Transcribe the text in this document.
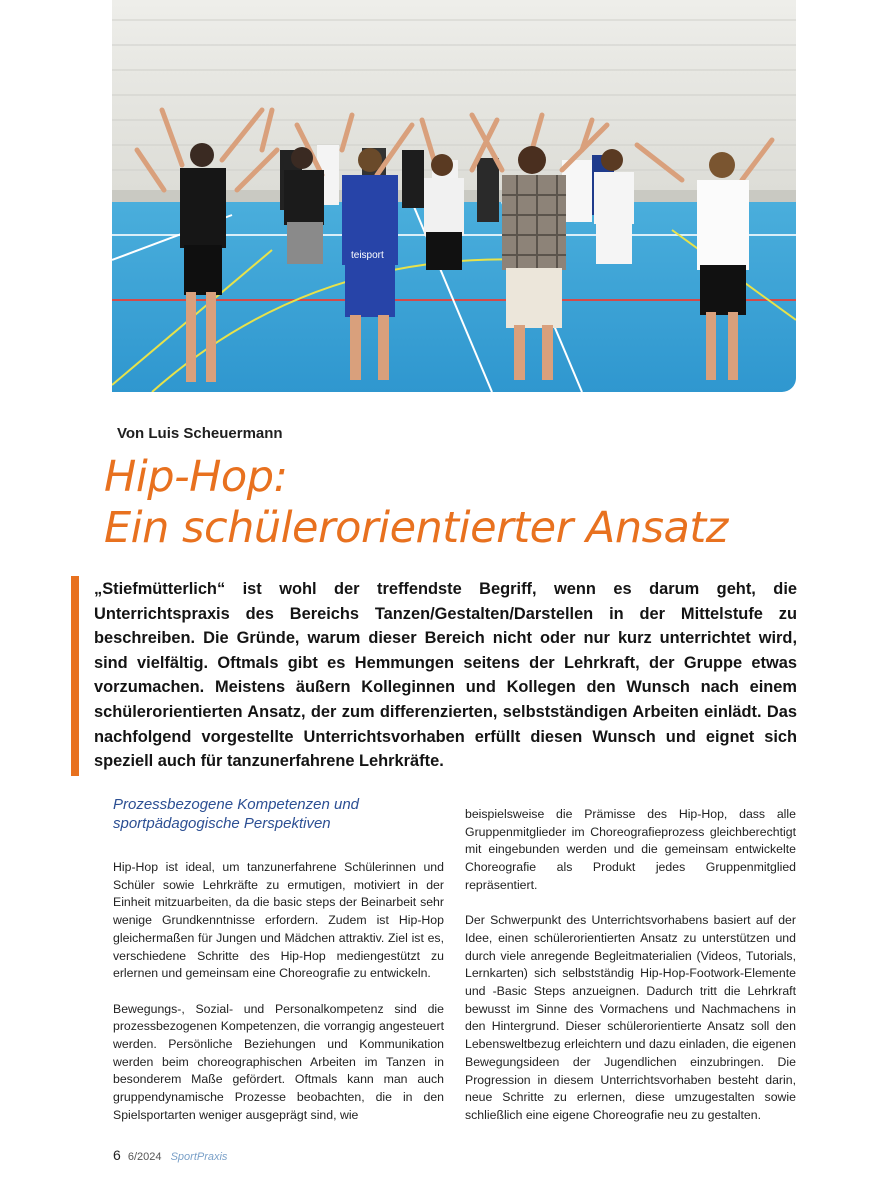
teisport
Von Luis Scheuermann
Hip-Hop:
Ein schülerorientierter Ansatz
„Stiefmütterlich“ ist wohl der treffendste Begriff, wenn es darum geht, die Unterrichtspraxis des Bereichs Tanzen/Gestalten/Darstellen in der Mittelstufe zu beschreiben. Die Gründe, warum dieser Bereich nicht oder nur kurz unterrichtet wird, sind vielfältig. Oftmals gibt es Hemmungen seitens der Lehrkraft, der Gruppe etwas vorzumachen. Meistens äußern Kolleginnen und Kollegen den Wunsch nach einem schülerorientierten Ansatz, der zum differenzierten, selbstständigen Arbeiten einlädt. Das nachfolgend vorgestellte Unterrichtsvorhaben erfüllt diesen Wunsch und eignet sich speziell auch für tanzunerfahrene Lehrkräfte.
Prozessbezogene Kompetenzen und sportpädagogische Perspektiven

Hip-Hop ist ideal, um tanzunerfahrene Schülerinnen und Schüler sowie Lehrkräfte zu ermutigen, motiviert in der Einheit mitzuarbeiten, da die basic steps der Beinarbeit sehr wenige Grundkenntnisse erfordern. Zudem ist Hip-Hop gleichermaßen für Jungen und Mädchen attraktiv. Ziel ist es, verschiedene Schritte des Hip-Hop mediengestützt zu erlernen und gemeinsam eine Choreografie zu entwickeln.

Bewegungs-, Sozial- und Personalkompetenz sind die prozessbezogenen Kompetenzen, die vorrangig angesteuert werden. Persönliche Beziehungen und Kommunikation werden beim choreographischen Arbeiten im Tanzen in besonderem Maße gefördert. Oftmals kann man auch gruppendynamische Prozesse beobachten, die in den Spielsportarten weniger ausgeprägt sind, wie

beispielsweise die Prämisse des Hip-Hop, dass alle Gruppenmitglieder im Choreografieprozess gleichberechtigt mit eingebunden werden und die gemeinsam entwickelte Choreografie als Produkt jedes Gruppenmitglied repräsentiert.

Der Schwerpunkt des Unterrichtsvorhabens basiert auf der Idee, einen schülerorientierten Ansatz zu unterstützen und durch viele anregende Begleitmaterialien (Videos, Tutorials, Lernkarten) sich selbstständig Hip-Hop-Footwork-Elemente und -Basic Steps anzueignen. Dadurch tritt die Lehrkraft bewusst im Sinne des Vormachens und Nachmachens in den Hintergrund. Dieser schülerorientierte Ansatz soll den Lebensweltbezug erleichtern und dazu einladen, die eigenen Bewegungsideen der Jugendlichen einzubringen. Die Progression in diesem Unterrichtsvorhaben besteht darin, neue Schritte zu erlernen, diese umzugestalten sowie schließlich eine eigene Choreografie neu zu gestalten.

6 6/2024 SportPraxis
